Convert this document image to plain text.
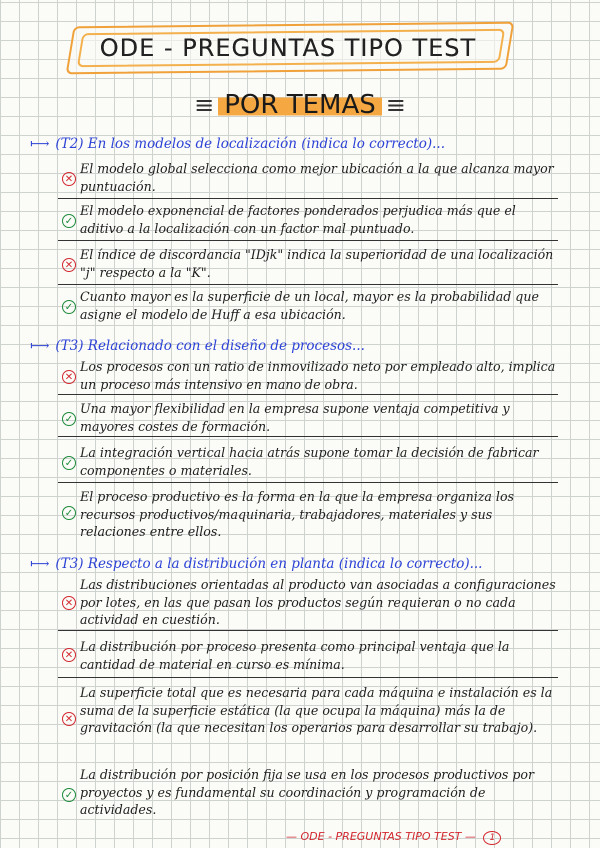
ODE - PREGUNTAS TIPO TEST
≡ POR TEMAS ≡
⟼ (T2) En los modelos de localización (indica lo correcto)...
✕
El modelo global selecciona como mejor ubicación a la que alcanza mayor puntuación.
✓
El modelo exponencial de factores ponderados perjudica más que el aditivo a la localización con un factor mal puntuado.
✕
El índice de discordancia "IDjk" indica la superioridad de una localización "j" respecto a la "K".
✓
Cuanto mayor es la superficie de un local, mayor es la probabilidad que asigne el modelo de Huff a esa ubicación.
⟼ (T3) Relacionado con el diseño de procesos...
✕
Los procesos con un ratio de inmovilizado neto por empleado alto, implica un proceso más intensivo en mano de obra.
✓
Una mayor flexibilidad en la empresa supone ventaja competitiva y mayores costes de formación.
✓
La integración vertical hacia atrás supone tomar la decisión de fabricar componentes o materiales.
✓
El proceso productivo es la forma en la que la empresa organiza los recursos productivos/maquinaria, trabajadores, materiales y sus relaciones entre ellos.
⟼ (T3) Respecto a la distribución en planta (indica lo correcto)...
✕
Las distribuciones orientadas al producto van asociadas a configuraciones por lotes, en las que pasan los productos según requieran o no cada actividad en cuestión.
✕
La distribución por proceso presenta como principal ventaja que la cantidad de material en curso es mínima.
✕
La superficie total que es necesaria para cada máquina e instalación es la suma de la superficie estática (la que ocupa la máquina) más la de gravitación (la que necesitan los operarios para desarrollar su trabajo).
✓
La distribución por posición fija se usa en los procesos productivos por proyectos y es fundamental su coordinación y programación de actividades.
— ODE - PREGUNTAS TIPO TEST — 1
